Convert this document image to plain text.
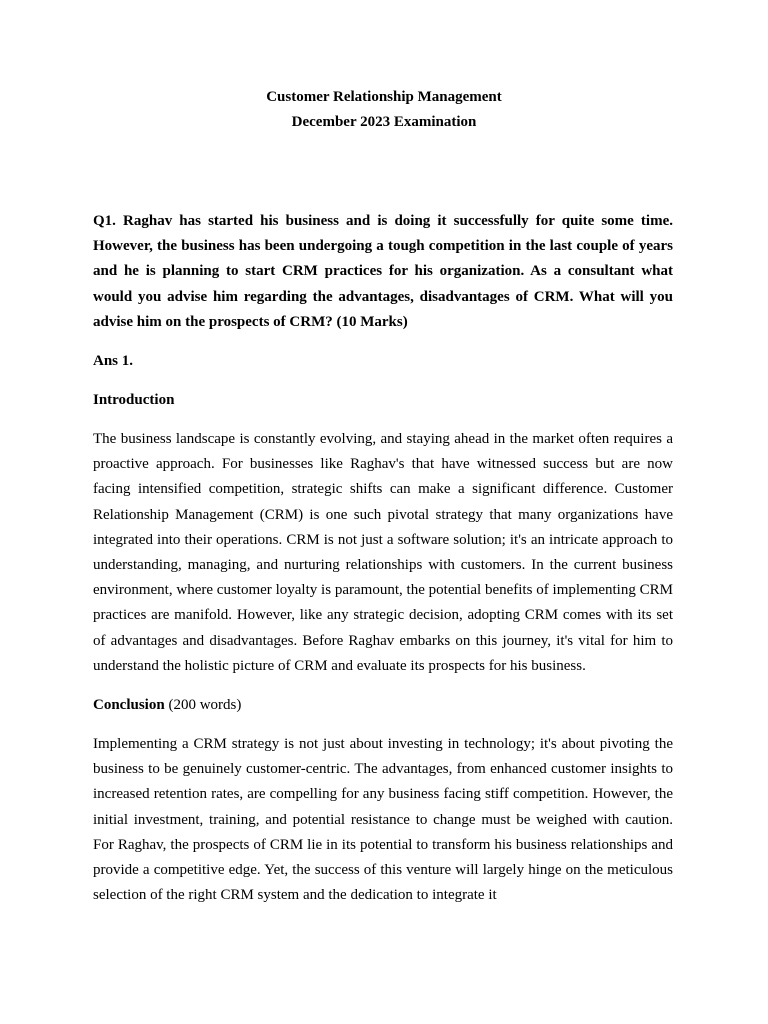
Customer Relationship Management
December 2023 Examination

Q1. Raghav has started his business and is doing it successfully for quite some time. However, the business has been undergoing a tough competition in the last couple of years and he is planning to start CRM practices for his organization. As a consultant what would you advise him regarding the advantages, disadvantages of CRM. What will you advise him on the prospects of CRM? (10 Marks)

Ans 1.

Introduction

The business landscape is constantly evolving, and staying ahead in the market often requires a proactive approach. For businesses like Raghav's that have witnessed success but are now facing intensified competition, strategic shifts can make a significant difference. Customer Relationship Management (CRM) is one such pivotal strategy that many organizations have integrated into their operations. CRM is not just a software solution; it's an intricate approach to understanding, managing, and nurturing relationships with customers. In the current business environment, where customer loyalty is paramount, the potential benefits of implementing CRM practices are manifold. However, like any strategic decision, adopting CRM comes with its set of advantages and disadvantages. Before Raghav embarks on this journey, it's vital for him to understand the holistic picture of CRM and evaluate its prospects for his business.

Conclusion (200 words)

Implementing a CRM strategy is not just about investing in technology; it's about pivoting the business to be genuinely customer-centric. The advantages, from enhanced customer insights to increased retention rates, are compelling for any business facing stiff competition. However, the initial investment, training, and potential resistance to change must be weighed with caution. For Raghav, the prospects of CRM lie in its potential to transform his business relationships and provide a competitive edge. Yet, the success of this venture will largely hinge on the meticulous selection of the right CRM system and the dedication to integrate it
